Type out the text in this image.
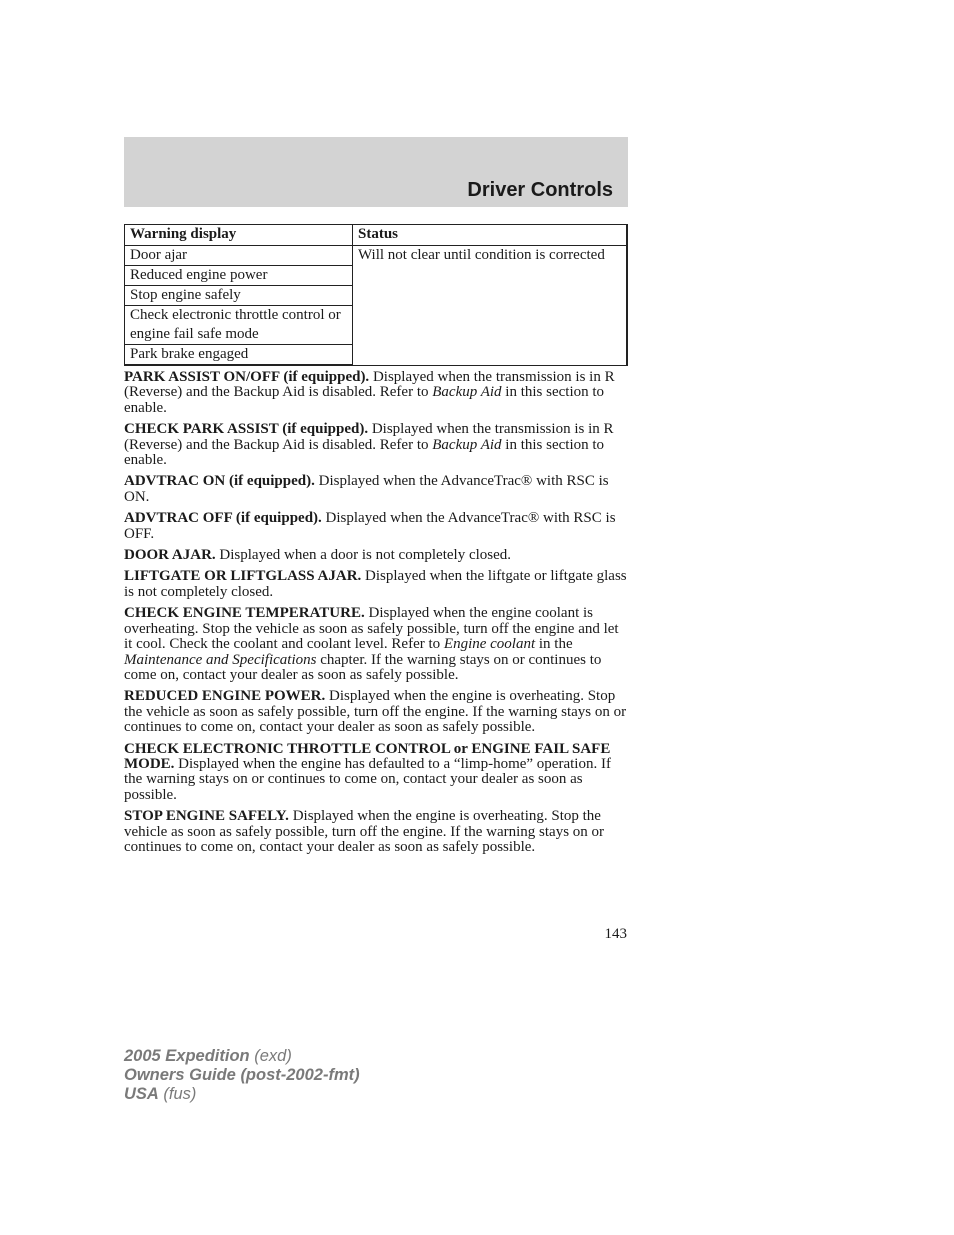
Driver Controls
Warning display	Status
Door ajar	Will not clear until condition is corrected
Reduced engine power	
Stop engine safely	
Check electronic throttle control or engine fail safe mode	
Park brake engaged	

PARK ASSIST ON/OFF (if equipped). Displayed when the transmission is in R (Reverse) and the Backup Aid is disabled. Refer to Backup Aid in this section to enable.

CHECK PARK ASSIST (if equipped). Displayed when the transmission is in R (Reverse) and the Backup Aid is disabled. Refer to Backup Aid in this section to enable.

ADVTRAC ON (if equipped). Displayed when the AdvanceTrac® with RSC is ON.

ADVTRAC OFF (if equipped). Displayed when the AdvanceTrac® with RSC is OFF.

DOOR AJAR. Displayed when a door is not completely closed.

LIFTGATE OR LIFTGLASS AJAR. Displayed when the liftgate or liftgate glass is not completely closed.

CHECK ENGINE TEMPERATURE. Displayed when the engine coolant is overheating. Stop the vehicle as soon as safely possible, turn off the engine and let it cool. Check the coolant and coolant level. Refer to Engine coolant in the Maintenance and Specifications chapter. If the warning stays on or continues to come on, contact your dealer as soon as safely possible.

REDUCED ENGINE POWER. Displayed when the engine is overheating. Stop the vehicle as soon as safely possible, turn off the engine. If the warning stays on or continues to come on, contact your dealer as soon as safely possible.

CHECK ELECTRONIC THROTTLE CONTROL or ENGINE FAIL SAFE MODE. Displayed when the engine has defaulted to a “limp-home” operation. If the warning stays on or continues to come on, contact your dealer as soon as possible.

STOP ENGINE SAFELY. Displayed when the engine is overheating. Stop the vehicle as soon as safely possible, turn off the engine. If the warning stays on or continues to come on, contact your dealer as soon as safely possible.

143
2005 Expedition (exd)
Owners Guide (post-2002-fmt)
USA (fus)
